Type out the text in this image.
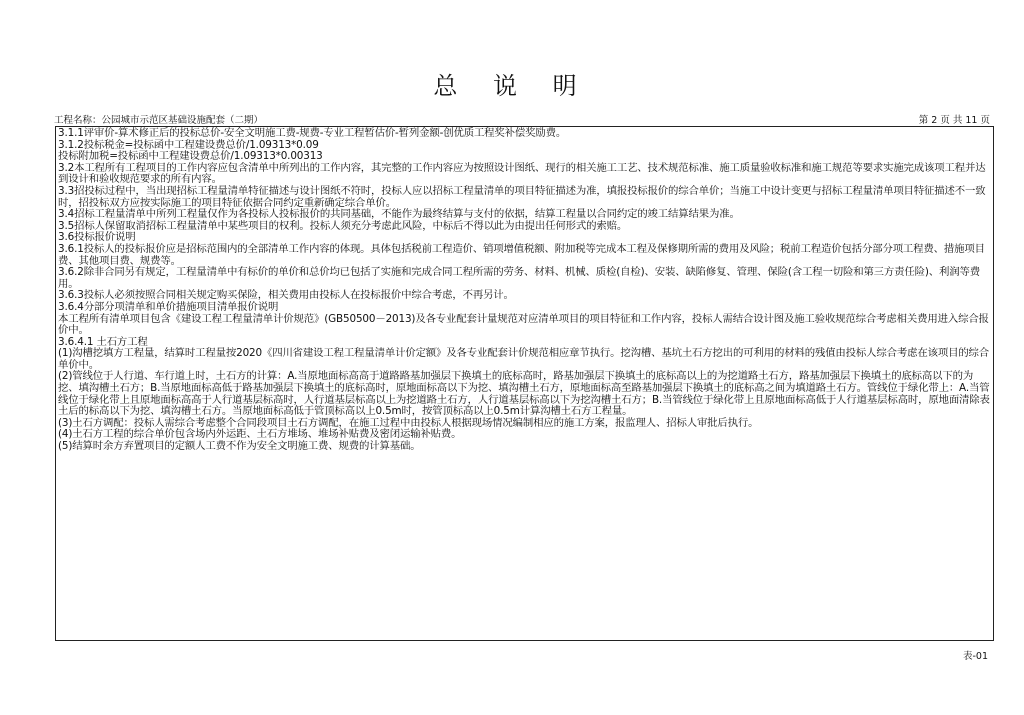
总 说 明
工程名称：公园城市示范区基础设施配套（二期）	第 2 页 共 11 页

3.1.1评审价-算术修正后的投标总价-安全文明施工费-规费-专业工程暂估价-暂列金额-创优质工程奖补偿奖励费。

3.1.2投标税金=投标函中工程建设费总价/1.09313*0.09

投标附加税=投标函中工程建设费总价/1.09313*0.00313

3.2本工程所有工程项目的工作内容应包含清单中所列出的工作内容，其完整的工作内容应为按照设计图纸、现行的相关施工工艺、技术规范标准、施工质量验收标准和施工规范等要求实施完成该项工程并达到设计和验收规范要求的所有内容。

3.3招投标过程中，当出现招标工程量清单特征描述与设计图纸不符时，投标人应以招标工程量清单的项目特征描述为准，填报投标报价的综合单价；当施工中设计变更与招标工程量清单项目特征描述不一致时，招投标双方应按实际施工的项目特征依据合同约定重新确定综合单价。

3.4招标工程量清单中所列工程量仅作为各投标人投标报价的共同基础，不能作为最终结算与支付的依据，结算工程量以合同约定的竣工结算结果为准。

3.5招标人保留取消招标工程量清单中某些项目的权利。投标人须充分考虑此风险，中标后不得以此为由提出任何形式的索赔。

3.6投标报价说明

3.6.1投标人的投标报价应是招标范围内的全部清单工作内容的体现。具体包括税前工程造价、销项增值税额、附加税等完成本工程及保修期所需的费用及风险；税前工程造价包括分部分项工程费、措施项目费、其他项目费、规费等。

3.6.2除非合同另有规定，工程量清单中有标价的单价和总价均已包括了实施和完成合同工程所需的劳务、材料、机械、质检(自检)、安装、缺陷修复、管理、保险(含工程一切险和第三方责任险)、利润等费用。

3.6.3投标人必须按照合同相关规定购买保险，相关费用由投标人在投标报价中综合考虑，不再另计。

3.6.4分部分项清单和单价措施项目清单报价说明

本工程所有清单项目包含《建设工程工程量清单计价规范》(GB50500－2013)及各专业配套计量规范对应清单项目的项目特征和工作内容，投标人需结合设计图及施工验收规范综合考虑相关费用进入综合报价中。

3.6.4.1 土石方工程

(1)沟槽挖填方工程量，结算时工程量按2020《四川省建设工程工程量清单计价定额》及各专业配套计价规范相应章节执行。挖沟槽、基坑土石方挖出的可利用的材料的残值由投标人综合考虑在该项目的综合单价中。

(2)管线位于人行道、车行道上时，土石方的计算：A.当原地面标高高于道路路基加强层下换填土的底标高时，路基加强层下换填土的底标高以上的为挖道路土石方，路基加强层下换填土的底标高以下的为挖、填沟槽土石方；B.当原地面标高低于路基加强层下换填土的底标高时，原地面标高以下为挖、填沟槽土石方，原地面标高至路基加强层下换填土的底标高之间为填道路土石方。管线位于绿化带上：A.当管线位于绿化带上且原地面标高高于人行道基层标高时，人行道基层标高以上为挖道路土石方，人行道基层标高以下为挖沟槽土石方；B.当管线位于绿化带上且原地面标高低于人行道基层标高时，原地面清除表土后的标高以下为挖、填沟槽土石方。当原地面标高低于管顶标高以上0.5m时，按管顶标高以上0.5m计算沟槽土石方工程量。

(3)土石方调配：投标人需综合考虑整个合同段项目土石方调配，在施工过程中由投标人根据现场情况编制相应的施工方案，报监理人、招标人审批后执行。

(4)土石方工程的综合单价包含场内外运距、土石方堆场、堆场补贴费及密闭运输补贴费。

(5)结算时余方弃置项目的定额人工费不作为安全文明施工费、规费的计算基础。

表-01
